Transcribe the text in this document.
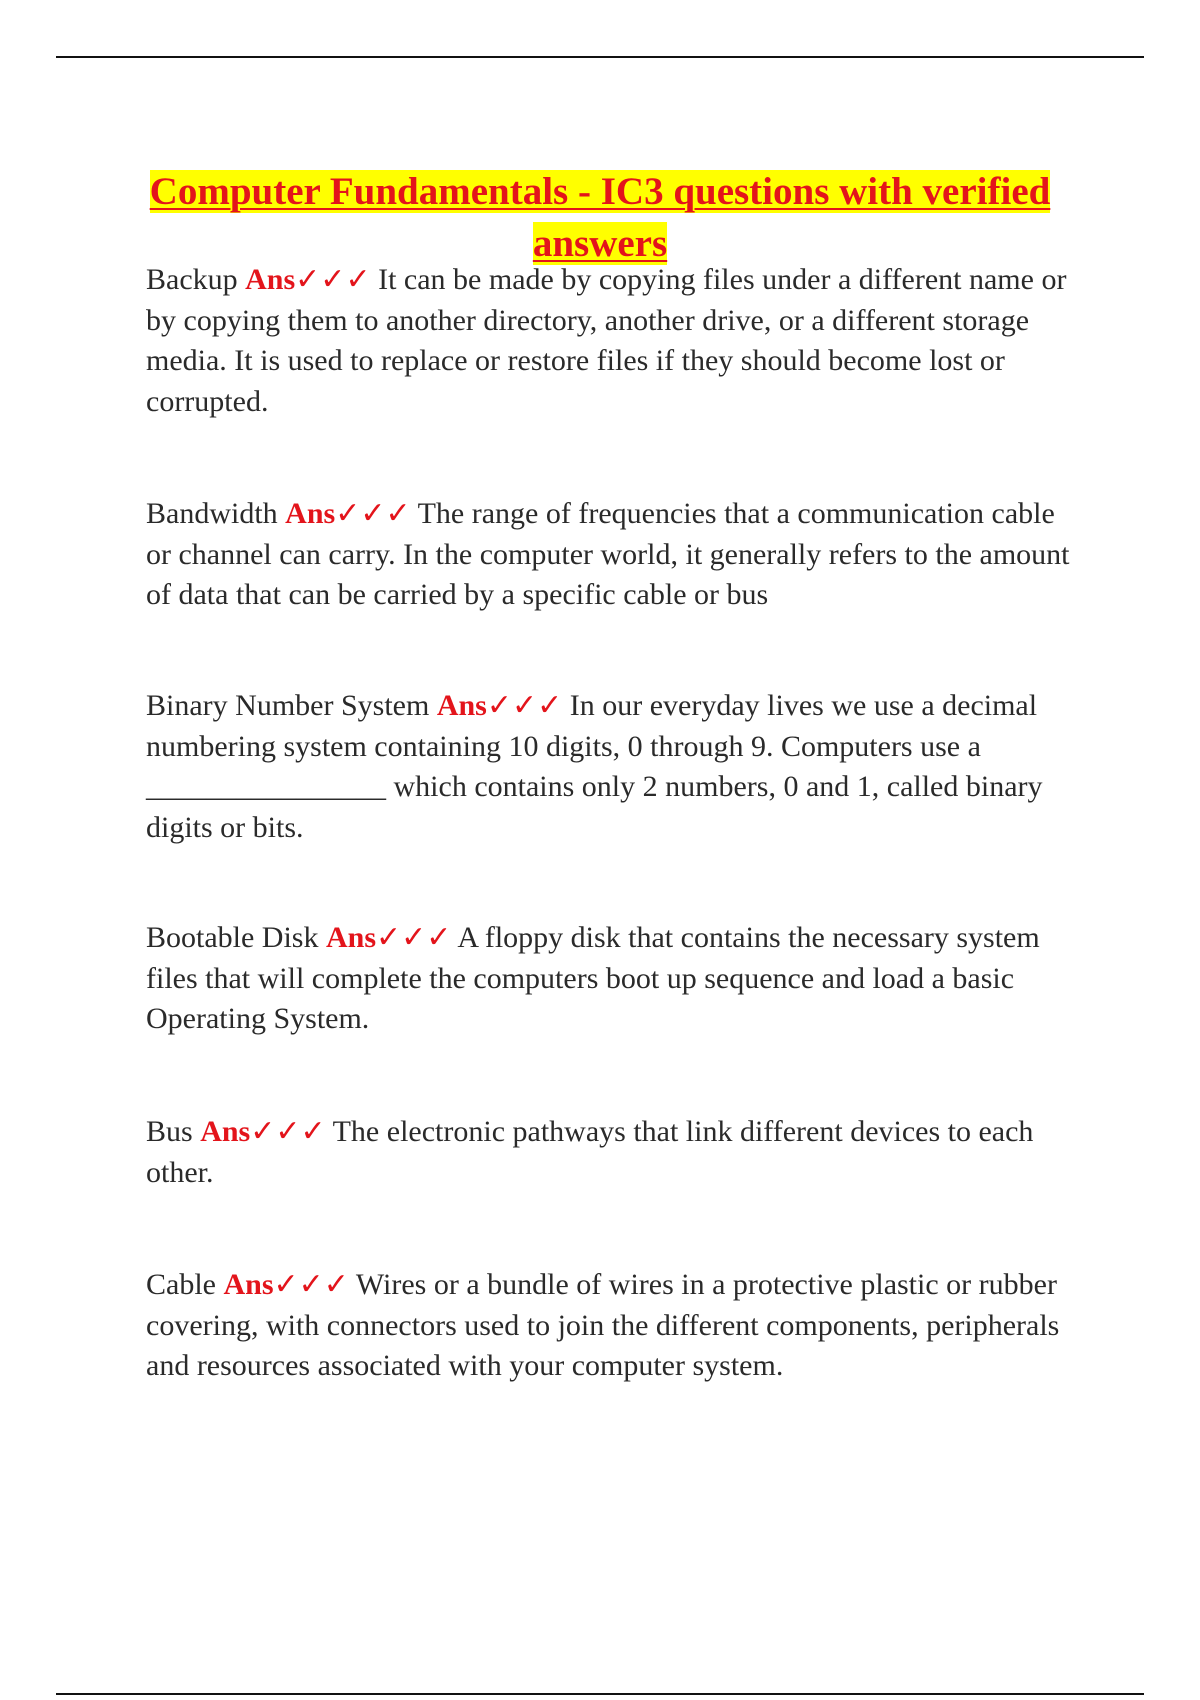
Computer Fundamentals - IC3 questions with verified answers

Backup Ans✓✓✓ It can be made by copying files under a different name or by copying them to another directory, another drive, or a different storage media. It is used to replace or restore files if they should become lost or corrupted.

Bandwidth Ans✓✓✓ The range of frequencies that a communication cable or channel can carry. In the computer world, it generally refers to the amount of data that can be carried by a specific cable or bus

Binary Number System Ans✓✓✓ In our everyday lives we use a decimal numbering system containing 10 digits, 0 through 9. Computers use a ________________ which contains only 2 numbers, 0 and 1, called binary digits or bits.

Bootable Disk Ans✓✓✓ A floppy disk that contains the necessary system files that will complete the computers boot up sequence and load a basic Operating System.

Bus Ans✓✓✓ The electronic pathways that link different devices to each other.

Cable Ans✓✓✓ Wires or a bundle of wires in a protective plastic or rubber covering, with connectors used to join the different components, peripherals and resources associated with your computer system.
